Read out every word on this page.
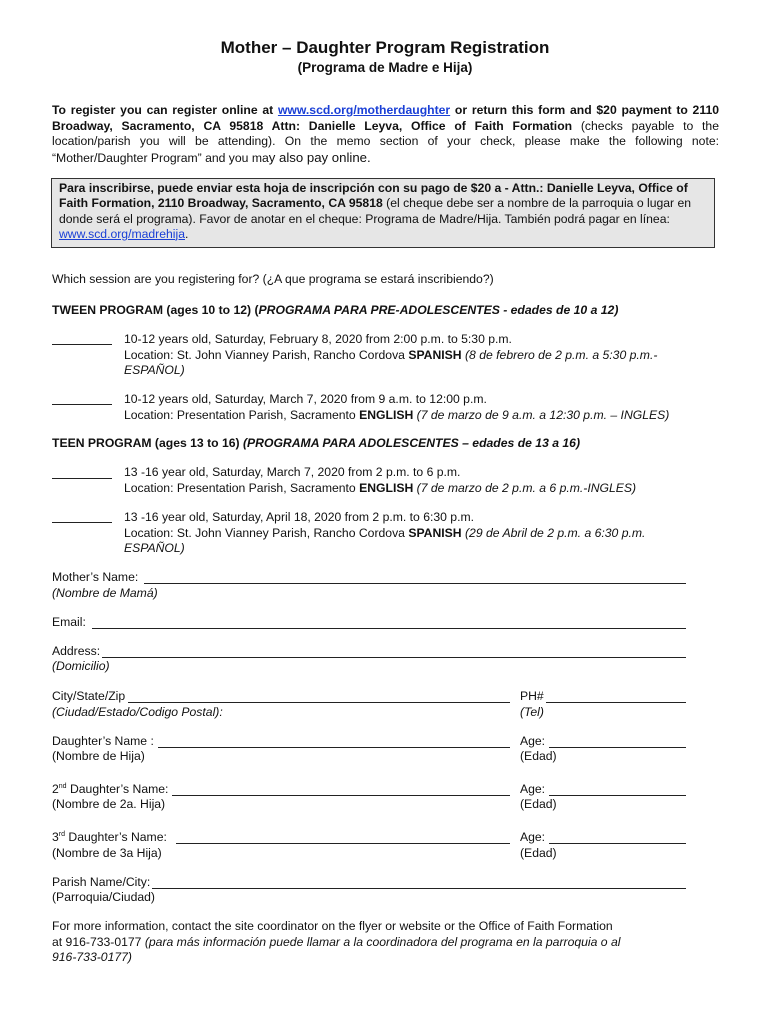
Mother – Daughter Program Registration
(Programa de Madre e Hija)
To register you can register online at www.scd.org/motherdaughter or return this form and $20 payment to 2110 Broadway, Sacramento, CA 95818 Attn: Danielle Leyva, Office of Faith Formation (checks payable to the location/parish you will be attending). On the memo section of your check, please make the following note: “Mother/Daughter Program” and you may also pay online.
Para inscribirse, puede enviar esta hoja de inscripción con su pago de $20 a - Attn.: Danielle Leyva, Office of Faith Formation, 2110 Broadway, Sacramento, CA 95818 (el cheque debe ser a nombre de la parroquia o lugar en donde será el programa). Favor de anotar en el cheque: Programa de Madre/Hija. También podrá pagar en línea: www.scd.org/madrehija.
Which session are you registering for? (¿A que programa se estará inscribiendo?)
TWEEN PROGRAM (ages 10 to 12) (PROGRAMA PARA PRE-ADOLESCENTES - edades de 10 a 12)
10-12 years old, Saturday, February 8, 2020 from 2:00 p.m. to 5:30 p.m.
Location: St. John Vianney Parish, Rancho Cordova SPANISH (8 de febrero de 2 p.m. a 5:30 p.m.-
ESPAÑOL)
10-12 years old, Saturday, March 7, 2020 from 9 a.m. to 12:00 p.m.
Location: Presentation Parish, Sacramento ENGLISH (7 de marzo de 9 a.m. a 12:30 p.m. – INGLES)
TEEN PROGRAM (ages 13 to 16) (PROGRAMA PARA ADOLESCENTES – edades de 13 a 16)
13 -16 year old, Saturday, March 7, 2020 from 2 p.m. to 6 p.m.
Location: Presentation Parish, Sacramento ENGLISH (7 de marzo de 2 p.m. a 6 p.m.-INGLES)
13 -16 year old, Saturday, April 18, 2020 from 2 p.m. to 6:30 p.m.
Location: St. John Vianney Parish, Rancho Cordova SPANISH (29 de Abril de 2 p.m. a 6:30 p.m.
ESPAÑOL)
Mother’s Name:
(Nombre de Mamá)
Email:
Address:
(Domicilio)
City/State/Zip
(Ciudad/Estado/Codigo Postal):
PH#
(Tel)
Daughter’s Name :
(Nombre de Hija)
Age:
(Edad)
2nd Daughter’s Name:
(Nombre de 2a. Hija)
Age:
(Edad)
3rd Daughter’s Name:
(Nombre de 3a Hija)
Age:
(Edad)
Parish Name/City:
(Parroquia/Ciudad)
For more information, contact the site coordinator on the flyer or website or the Office of Faith Formation
at 916-733-0177 (para más información puede llamar a la coordinadora del programa en la parroquia o al
916-733-0177)
